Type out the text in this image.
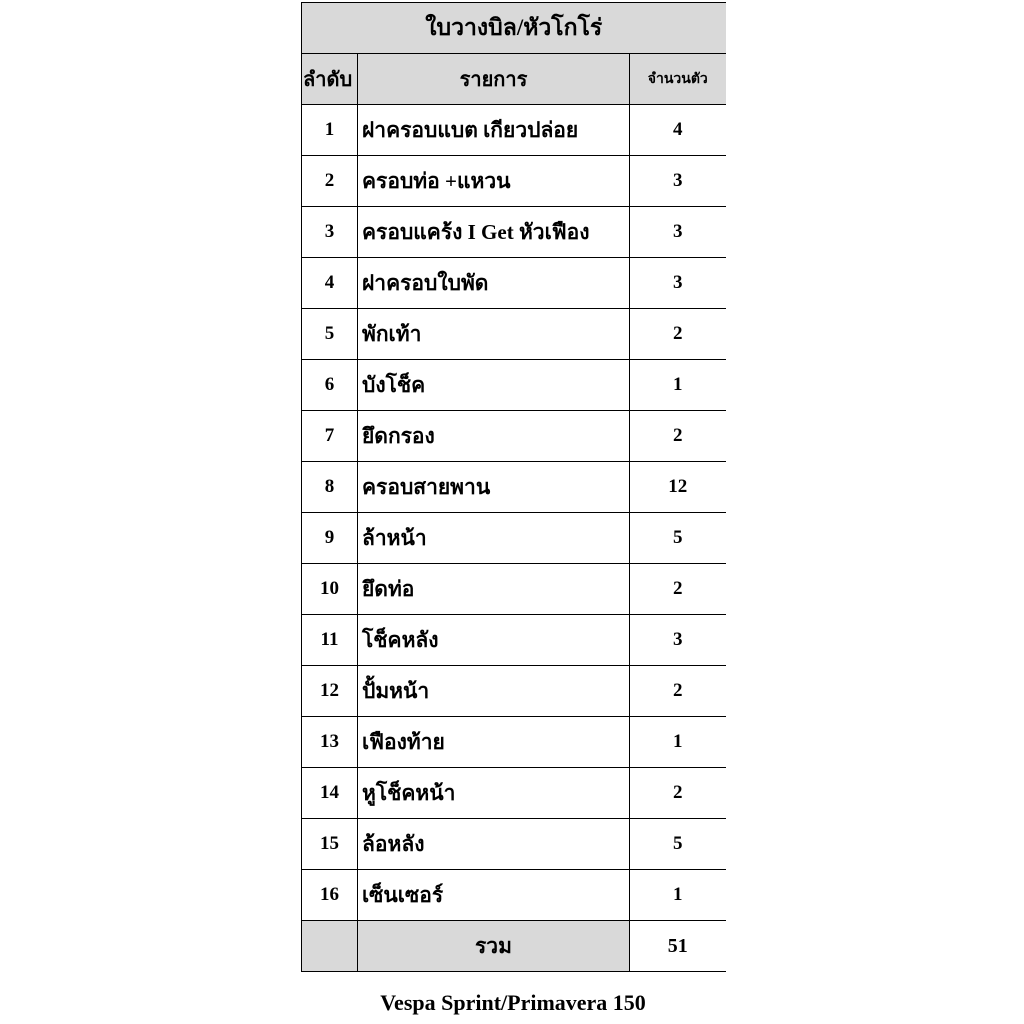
ใบวางบิล/หัวโกโร่		
ลำดับ	รายการ	จำนวนตัว
1	ฝาครอบแบต เกียวปล่อย	4
2	ครอบท่อ +แหวน	3
3	ครอบแคร้ง I Get หัวเฟือง	3
4	ฝาครอบใบพัด	3
5	พักเท้า	2
6	บังโช็ค	1
7	ยึดกรอง	2
8	ครอบสายพาน	12
9	ล้าหน้า	5
10	ยึดท่อ	2
11	โช็คหลัง	3
12	ปั้มหน้า	2
13	เฟืองท้าย	1
14	หูโช็คหน้า	2
15	ล้อหลัง	5
16	เซ็นเซอร์	1
	รวม	51
Vespa Sprint/Primavera 150
